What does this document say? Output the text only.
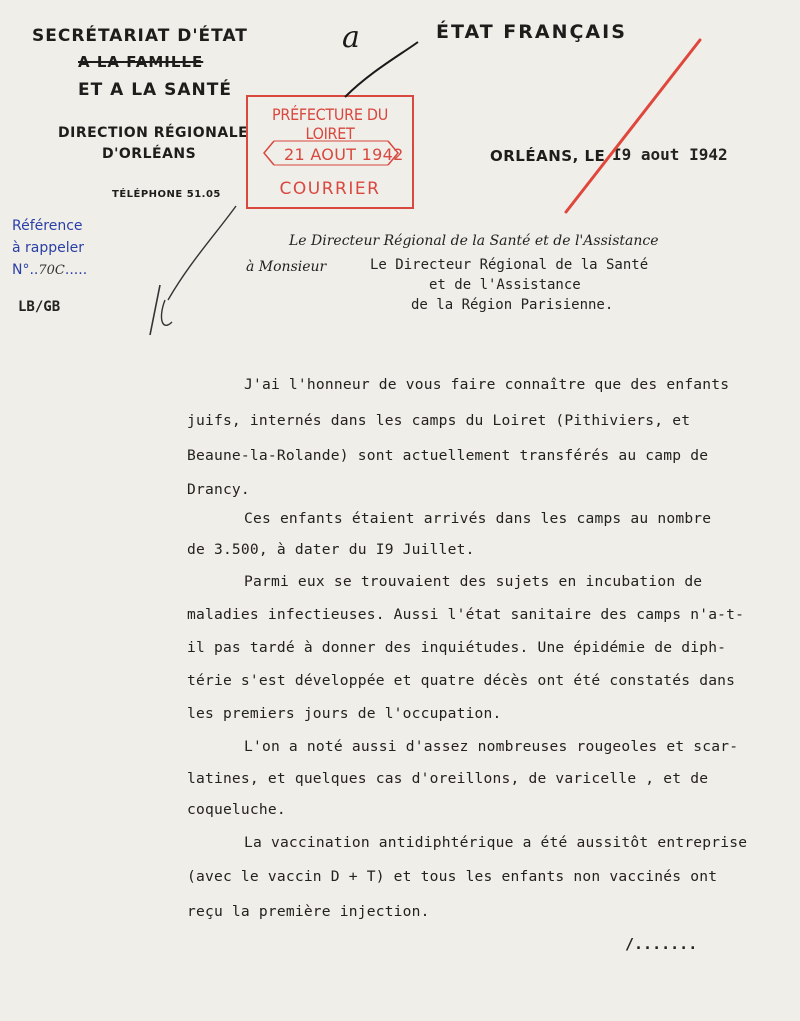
SECRÉTARIAT D'ÉTAT
A LA FAMILLE
ET A LA SANTÉ
DIRECTION RÉGIONALE
D'ORLÉANS
TÉLÉPHONE 51.05
ÉTAT FRANÇAIS
ORLÉANS, LE I9 aout I942
PRÉFECTURE DU LOIRET
21 AOUT 1942
COURRIER
a
Référence
à rappeler
N°..70C.....
LB/GB
Le Directeur Régional de la Santé et de l'Assistance
à Monsieur	Le Directeur Régional de la Santé
et de l'Assistance
de la Région Parisienne.
J'ai l'honneur de vous faire connaître que des enfants
juifs, internés dans les camps du Loiret (Pithiviers, et
Beaune-la-Rolande) sont actuellement transférés au camp de
Drancy.
Ces enfants étaient arrivés dans les camps au nombre
de 3.500, à dater du I9 Juillet.
Parmi eux se trouvaient des sujets en incubation de
maladies infectieuses. Aussi l'état sanitaire des camps n'a-t-
il pas tardé à donner des inquiétudes. Une épidémie de diph-
térie s'est développée et quatre décès ont été constatés dans
les premiers jours de l'occupation.
L'on a noté aussi d'assez nombreuses rougeoles et scar-
latines, et quelques cas d'oreillons, de varicelle , et de
coqueluche.
La vaccination antidiphtérique a été aussitôt entreprise
(avec le vaccin D + T) et tous les enfants non vaccinés ont
reçu la première injection.
/.......
